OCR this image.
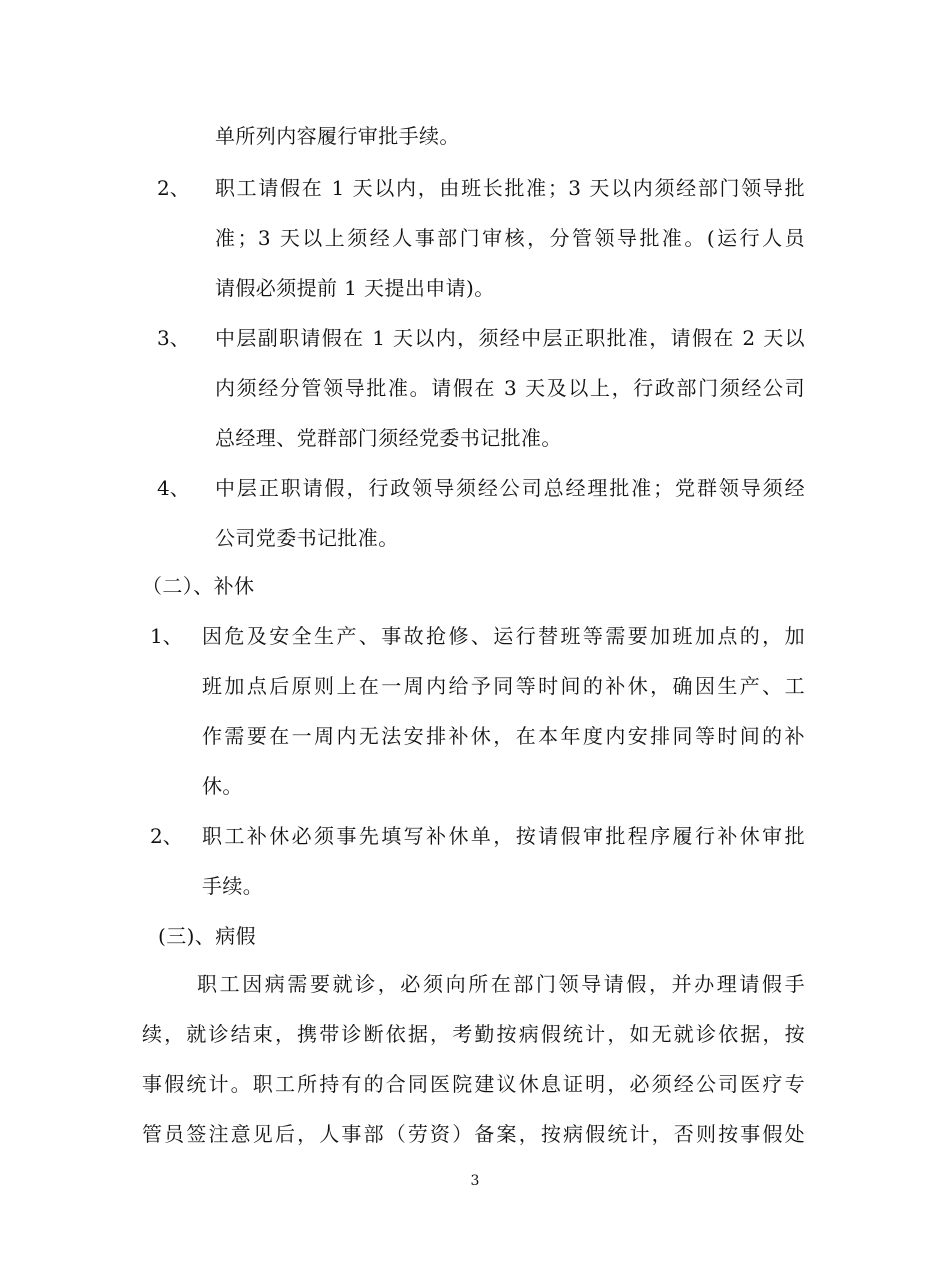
单所列内容履行审批手续。
2、 职工请假在 1 天以内，由班长批准；3 天以内须经部门领导批
准；3 天以上须经人事部门审核，分管领导批准。(运行人员
请假必须提前 1 天提出申请)。
3、 中层副职请假在 1 天以内，须经中层正职批准，请假在 2 天以
内须经分管领导批准。请假在 3 天及以上，行政部门须经公司
总经理、党群部门须经党委书记批准。
4、 中层正职请假，行政领导须经公司总经理批准；党群领导须经
公司党委书记批准。
（二）、补休
1、 因危及安全生产、事故抢修、运行替班等需要加班加点的，加
班加点后原则上在一周内给予同等时间的补休，确因生产、工
作需要在一周内无法安排补休，在本年度内安排同等时间的补
休。
2、 职工补休必须事先填写补休单，按请假审批程序履行补休审批
手续。
(三)、病假
职工因病需要就诊，必须向所在部门领导请假，并办理请假手
续，就诊结束，携带诊断依据，考勤按病假统计，如无就诊依据，按
事假统计。职工所持有的合同医院建议休息证明，必须经公司医疗专
管员签注意见后，人事部（劳资）备案，按病假统计，否则按事假处
3
